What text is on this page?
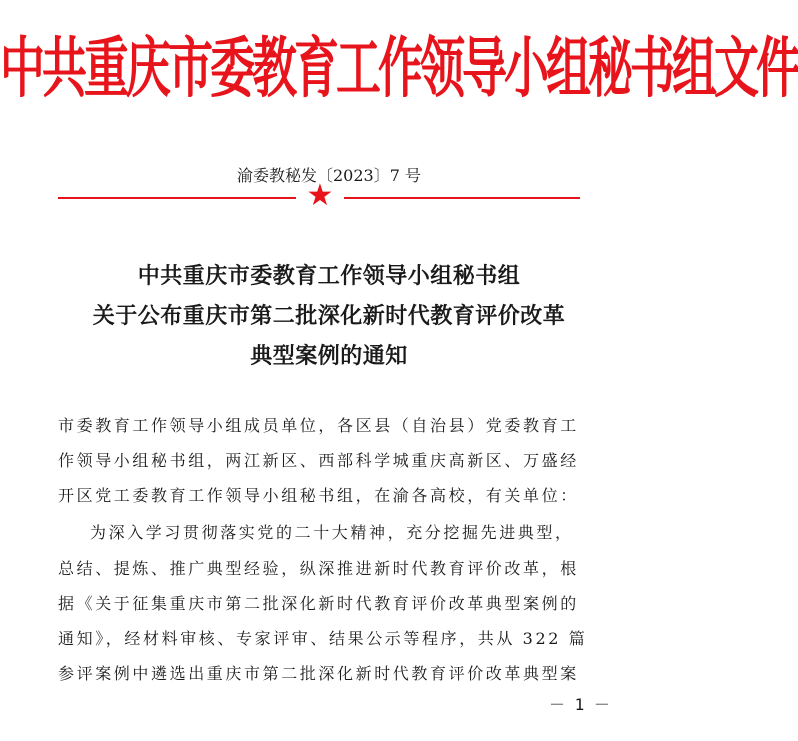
中共重庆市委教育工作领导小组秘书组文件
渝委教秘发〔2023〕7 号
★
中共重庆市委教育工作领导小组秘书组
关于公布重庆市第二批深化新时代教育评价改革
典型案例的通知
市委教育工作领导小组成员单位，各区县（自治县）党委教育工
作领导小组秘书组，两江新区、西部科学城重庆高新区、万盛经
开区党工委教育工作领导小组秘书组，在渝各高校，有关单位：
为深入学习贯彻落实党的二十大精神，充分挖掘先进典型，
总结、提炼、推广典型经验，纵深推进新时代教育评价改革，根
据《关于征集重庆市第二批深化新时代教育评价改革典型案例的
通知》，经材料审核、专家评审、结果公示等程序，共从 322 篇
参评案例中遴选出重庆市第二批深化新时代教育评价改革典型案
－ 1 －
